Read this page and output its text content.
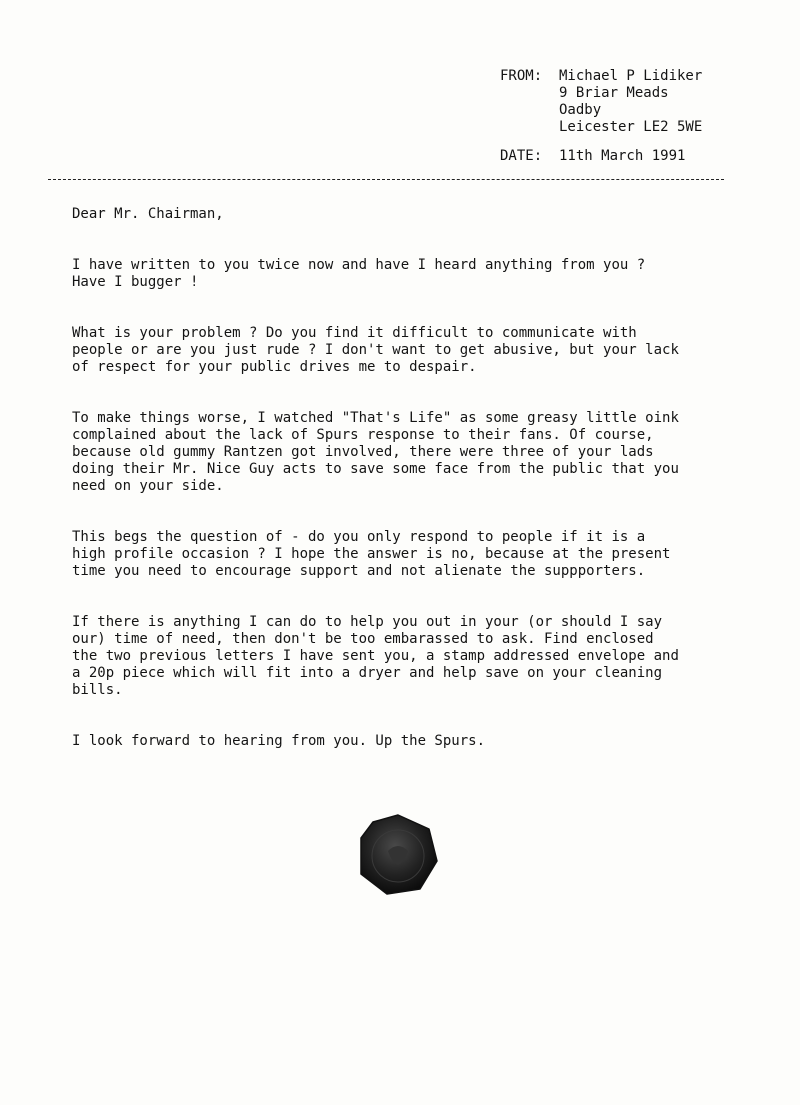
FROM: Michael P Lidiker
9 Briar Meads
Oadby
Leicester LE2 5WE
DATE: 11th March 1991

Dear Mr. Chairman,

I have written to you twice now and have I heard anything from you ?
Have I bugger !

What is your problem ? Do you find it difficult to communicate with
people or are you just rude ? I don't want to get abusive, but your lack
of respect for your public drives me to despair.

To make things worse, I watched "That's Life" as some greasy little oink
complained about the lack of Spurs response to their fans. Of course,
because old gummy Rantzen got involved, there were three of your lads
doing their Mr. Nice Guy acts to save some face from the public that you
need on your side.

This begs the question of - do you only respond to people if it is a
high profile occasion ? I hope the answer is no, because at the present
time you need to encourage support and not alienate the suppporters.

If there is anything I can do to help you out in your (or should I say
our) time of need, then don't be too embarassed to ask. Find enclosed
the two previous letters I have sent you, a stamp addressed envelope and
a 20p piece which will fit into a dryer and help save on your cleaning
bills.

I look forward to hearing from you. Up the Spurs.
